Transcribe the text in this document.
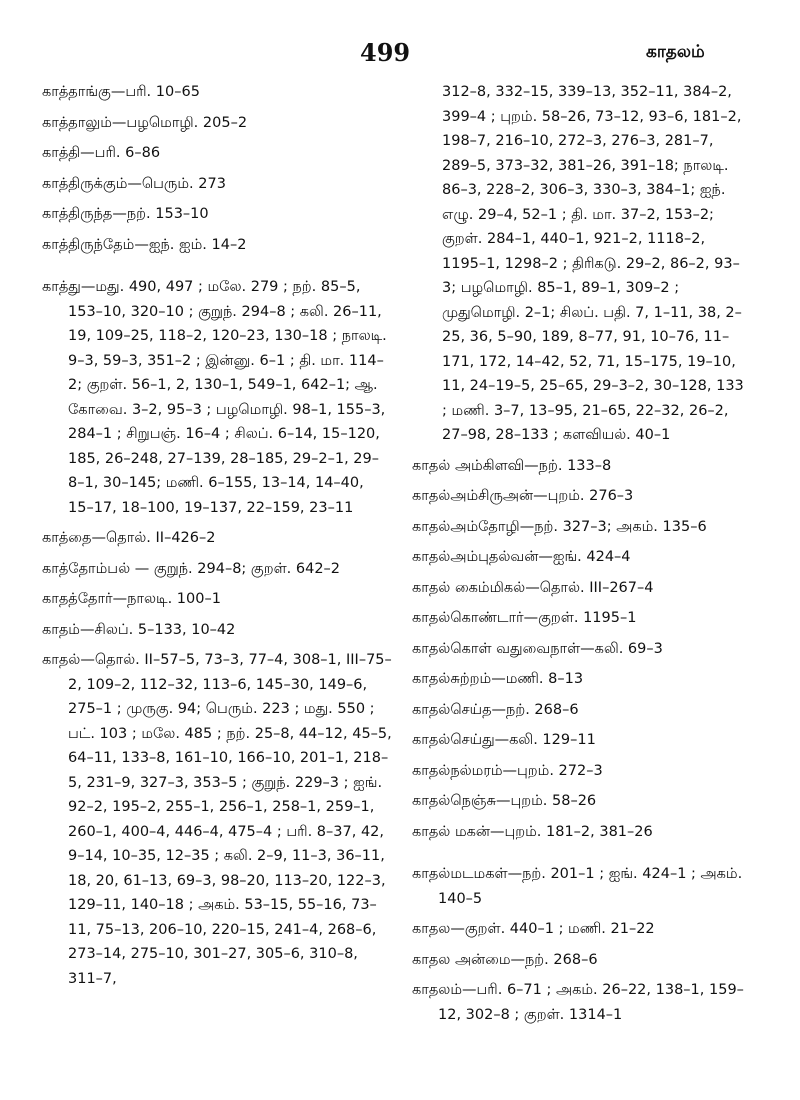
499	காதலம்

காத்தாங்கு—பரி. 10–65

காத்தாலும்—பழமொழி. 205–2

காத்தி—பரி. 6–86

காத்திருக்கும்—பெரும். 273

காத்திருந்த—நற். 153–10

காத்திருந்தேம்—ஐந். ஐம். 14–2

காத்து—மது. 490, 497 ; மலே. 279 ; நற். 85–5, 153–10, 320–10 ; குறுந். 294–8 ; கலி. 26–11, 19, 109–25, 118–2, 120–23, 130–18 ; நாலடி. 9–3, 59–3, 351–2 ; இன்னு. 6–1 ; தி. மா. 114–2; குறள். 56–1, 2, 130–1, 549–1, 642–1; ஆ. கோவை. 3–2, 95–3 ; பழமொழி. 98–1, 155–3, 284–1 ; சிறுபஞ். 16–4 ; சிலப். 6–14, 15–120, 185, 26–248, 27–139, 28–185, 29–2–1, 29–8–1, 30–145; மணி. 6–155, 13–14, 14–40, 15–17, 18–100, 19–137, 22–159, 23–11

காத்தை—தொல். II–426–2

காத்தோம்பல் — குறுந். 294–8; குறள். 642–2

காதத்தோர்—நாலடி. 100–1

காதம்—சிலப். 5–133, 10–42

காதல்—தொல். II–57–5, 73–3, 77–4, 308–1, III–75–2, 109–2, 112–32, 113–6, 145–30, 149–6, 275–1 ; முருகு. 94; பெரும். 223 ; மது. 550 ; பட். 103 ; மலே. 485 ; நற். 25–8, 44–12, 45–5, 64–11, 133–8, 161–10, 166–10, 201–1, 218–5, 231–9, 327–3, 353–5 ; குறுந். 229–3 ; ஐங். 92–2, 195–2, 255–1, 256–1, 258–1, 259–1, 260–1, 400–4, 446–4, 475–4 ; பரி. 8–37, 42, 9–14, 10–35, 12–35 ; கலி. 2–9, 11–3, 36–11, 18, 20, 61–13, 69–3, 98–20, 113–20, 122–3, 129–11, 140–18 ; அகம். 53–15, 55–16, 73–11, 75–13, 206–10, 220–15, 241–4, 268–6, 273–14, 275–10, 301–27, 305–6, 310–8, 311–7,

312–8, 332–15, 339–13, 352–11, 384–2, 399–4 ; புறம். 58–26, 73–12, 93–6, 181–2, 198–7, 216–10, 272–3, 276–3, 281–7, 289–5, 373–32, 381–26, 391–18; நாலடி. 86–3, 228–2, 306–3, 330–3, 384–1; ஐந். எழு. 29–4, 52–1 ; தி. மா. 37–2, 153–2; குறள். 284–1, 440–1, 921–2, 1118–2, 1195–1, 1298–2 ; திரிகடு. 29–2, 86–2, 93–3; பழமொழி. 85–1, 89–1, 309–2 ; முதுமொழி. 2–1; சிலப். பதி. 7, 1–11, 38, 2–25, 36, 5–90, 189, 8–77, 91, 10–76, 11–171, 172, 14–42, 52, 71, 15–175, 19–10, 11, 24–19–5, 25–65, 29–3–2, 30–128, 133 ; மணி. 3–7, 13–95, 21–65, 22–32, 26–2, 27–98, 28–133 ; களவியல். 40–1

காதல் அம்கிளவி—நற். 133–8

காதல்அம்சிருஅன்—புறம். 276–3

காதல்அம்தோழி—நற். 327–3; அகம். 135–6

காதல்அம்புதல்வன்—ஐங். 424–4

காதல் கைம்மிகல்—தொல். III–267–4

காதல்கொண்டார்—குறள். 1195–1

காதல்கொள் வதுவைநாள்—கலி. 69–3

காதல்சுற்றம்—மணி. 8–13

காதல்செய்த—நற். 268–6

காதல்செய்து—கலி. 129–11

காதல்நல்மரம்—புறம். 272–3

காதல்நெஞ்சு—புறம். 58–26

காதல் மகன்—புறம். 181–2, 381–26

காதல்மடமகள்—நற். 201–1 ; ஐங். 424–1 ; அகம். 140–5

காதல—குறள். 440–1 ; மணி. 21–22

காதல அன்மை—நற். 268–6

காதலம்—பரி. 6–71 ; அகம். 26–22, 138–1, 159–12, 302–8 ; குறள். 1314–1
